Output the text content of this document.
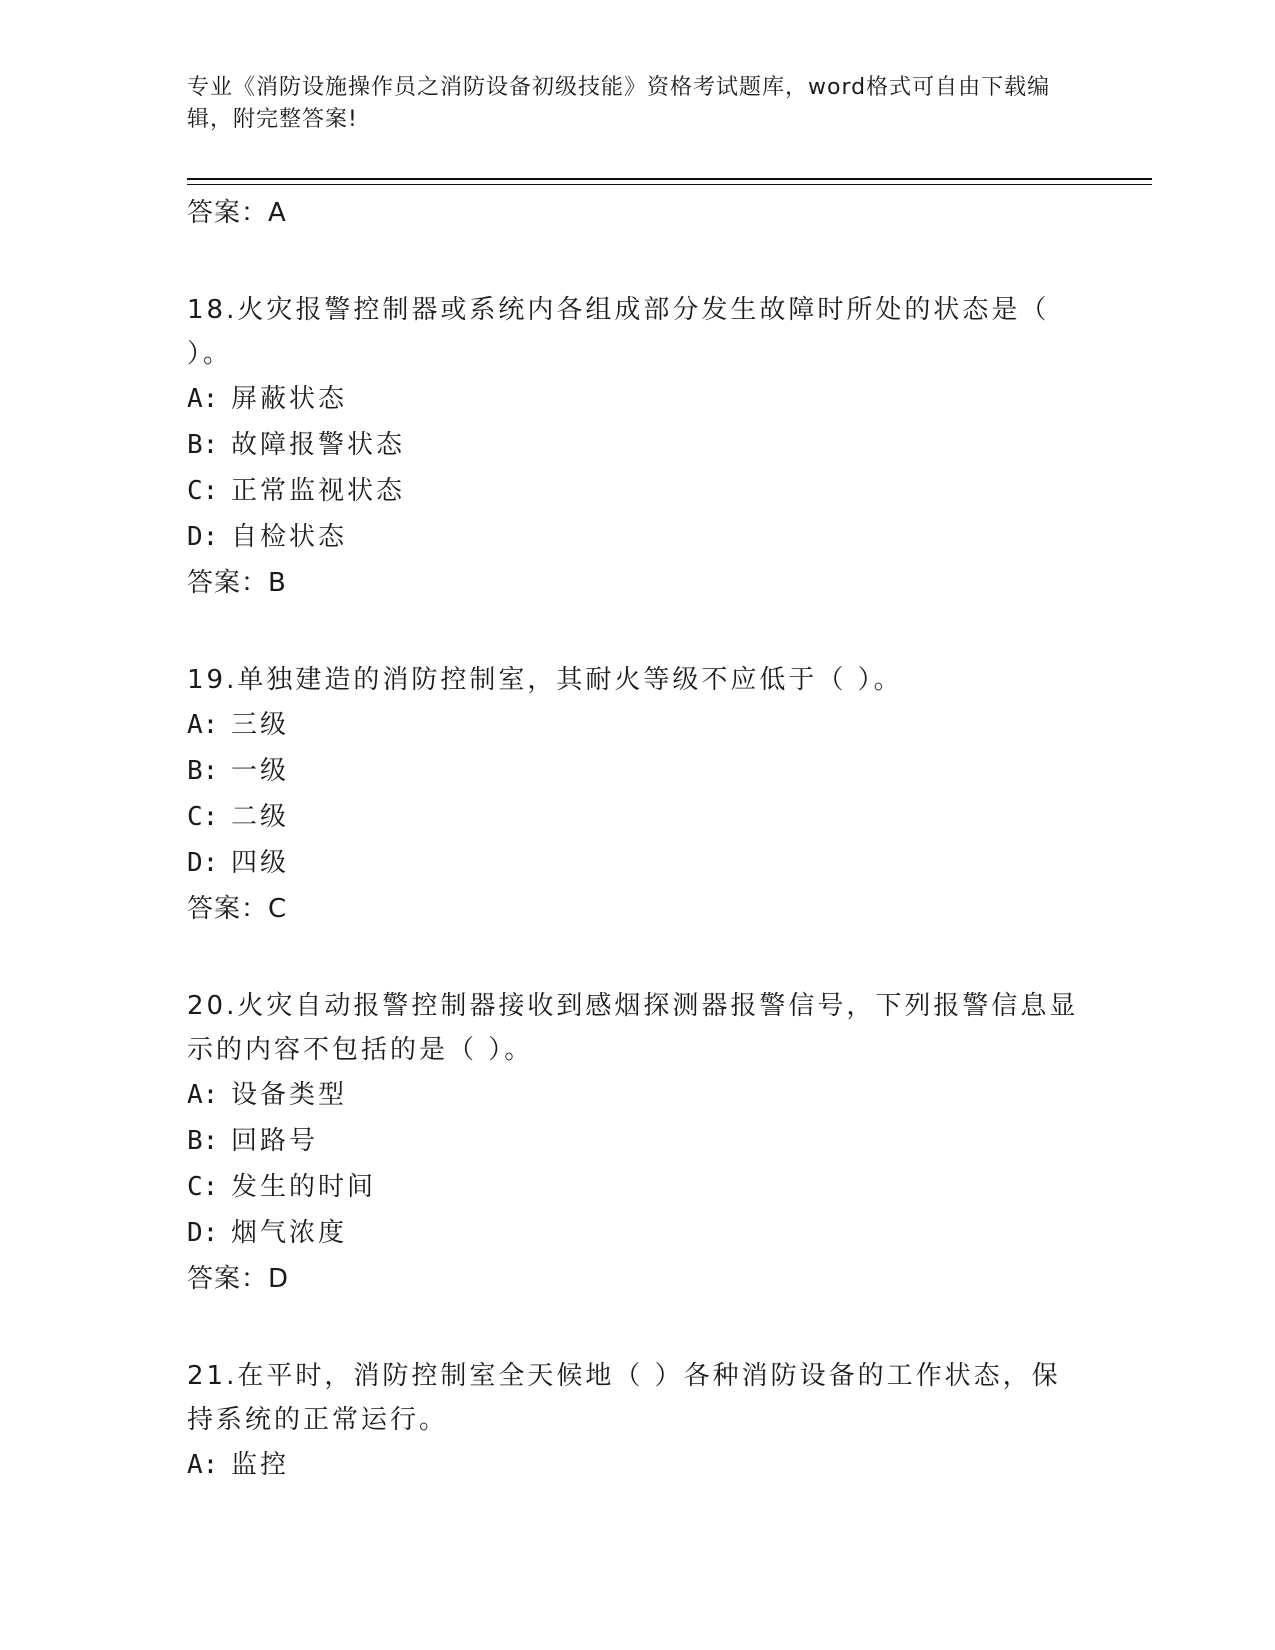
专业《消防设施操作员之消防设备初级技能》资格考试题库，word格式可自由下载编辑，附完整答案!
答案：A
18.火灾报警控制器或系统内各组成部分发生故障时所处的状态是（ ）。
A: 屏蔽状态
B: 故障报警状态
C: 正常监视状态
D: 自检状态
答案：B
19.单独建造的消防控制室，其耐火等级不应低于（ ）。
A: 三级
B: 一级
C: 二级
D: 四级
答案：C
20.火灾自动报警控制器接收到感烟探测器报警信号，下列报警信息显示的内容不包括的是（ ）。
A: 设备类型
B: 回路号
C: 发生的时间
D: 烟气浓度
答案：D
21.在平时，消防控制室全天候地（ ）各种消防设备的工作状态，保持系统的正常运行。
A: 监控
